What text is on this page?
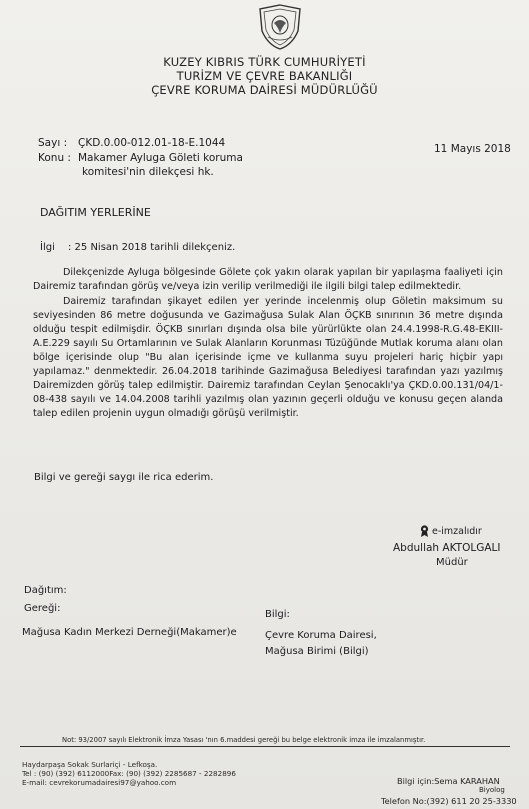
KUZEY KIBRIS TÜRK CUMHURİYETİ
TURİZM VE ÇEVRE BAKANLIĞI
ÇEVRE KORUMA DAİRESİ MÜDÜRLÜĞÜ
Sayı : ÇKD.0.00-012.01-18-E.1044	11 Mayıs 2018
Konu : Makamer Ayluga Göleti koruma
komitesi'nin dilekçesi hk.
DAĞITIM YERLERİNE
İlgi : 25 Nisan 2018 tarihli dilekçeniz.
Dilekçenizde Ayluga bölgesinde Gölete çok yakın olarak yapılan bir yapılaşma faaliyeti için Dairemiz tarafından görüş ve/veya izin verilip verilmediği ile ilgili bilgi talep edilmektedir.
Dairemiz tarafından şikayet edilen yer yerinde incelenmiş olup Göletin maksimum su seviyesinden 86 metre doğusunda ve Gazimağusa Sulak Alan ÖÇKB sınırının 36 metre dışında olduğu tespit edilmişdir. ÖÇKB sınırları dışında olsa bile yürürlükte olan 24.4.1998-R.G.48-EKIII-A.E.229 sayılı Su Ortamlarının ve Sulak Alanların Korunması Tüzüğünde Mutlak koruma alanı olan bölge içerisinde olup "Bu alan içerisinde içme ve kullanma suyu projeleri hariç hiçbir yapı yapılamaz." denmektedir. 26.04.2018 tarihinde Gazimağusa Belediyesi tarafından yazı yazılmış Dairemizden görüş talep edilmiştir. Dairemiz tarafından Ceylan Şenocaklı'ya ÇKD.0.00.131/04/1-08-438 sayılı ve 14.04.2008 tarihli yazılmış olan yazının geçerli olduğu ve konusu geçen alanda talep edilen projenin uygun olmadığı görüşü verilmiştir.
Bilgi ve gereği saygı ile rica ederim.
e-imzalıdır
Abdullah AKTOLGALI
Müdür
Dağıtım:
Gereği:
Bilgi:
Mağusa Kadın Merkezi Derneği(Makamer)e	Çevre Koruma Dairesi,
Mağusa Birimi (Bilgi)
Not: 93/2007 sayılı Elektronik İmza Yasası 'nın 6.maddesi gereği bu belge elektronik imza ile imzalanmıştır.
Haydarpaşa Sokak Surlariçi - Lefkoşa.
Tel : (90) (392) 6112000Fax: (90) (392) 2285687 - 2282896
E-mail: cevrekorumadairesi97@yahoo.com	Bilgi için:Sema KARAHAN
Biyolog
Telefon No:(392) 611 20 25-3330
